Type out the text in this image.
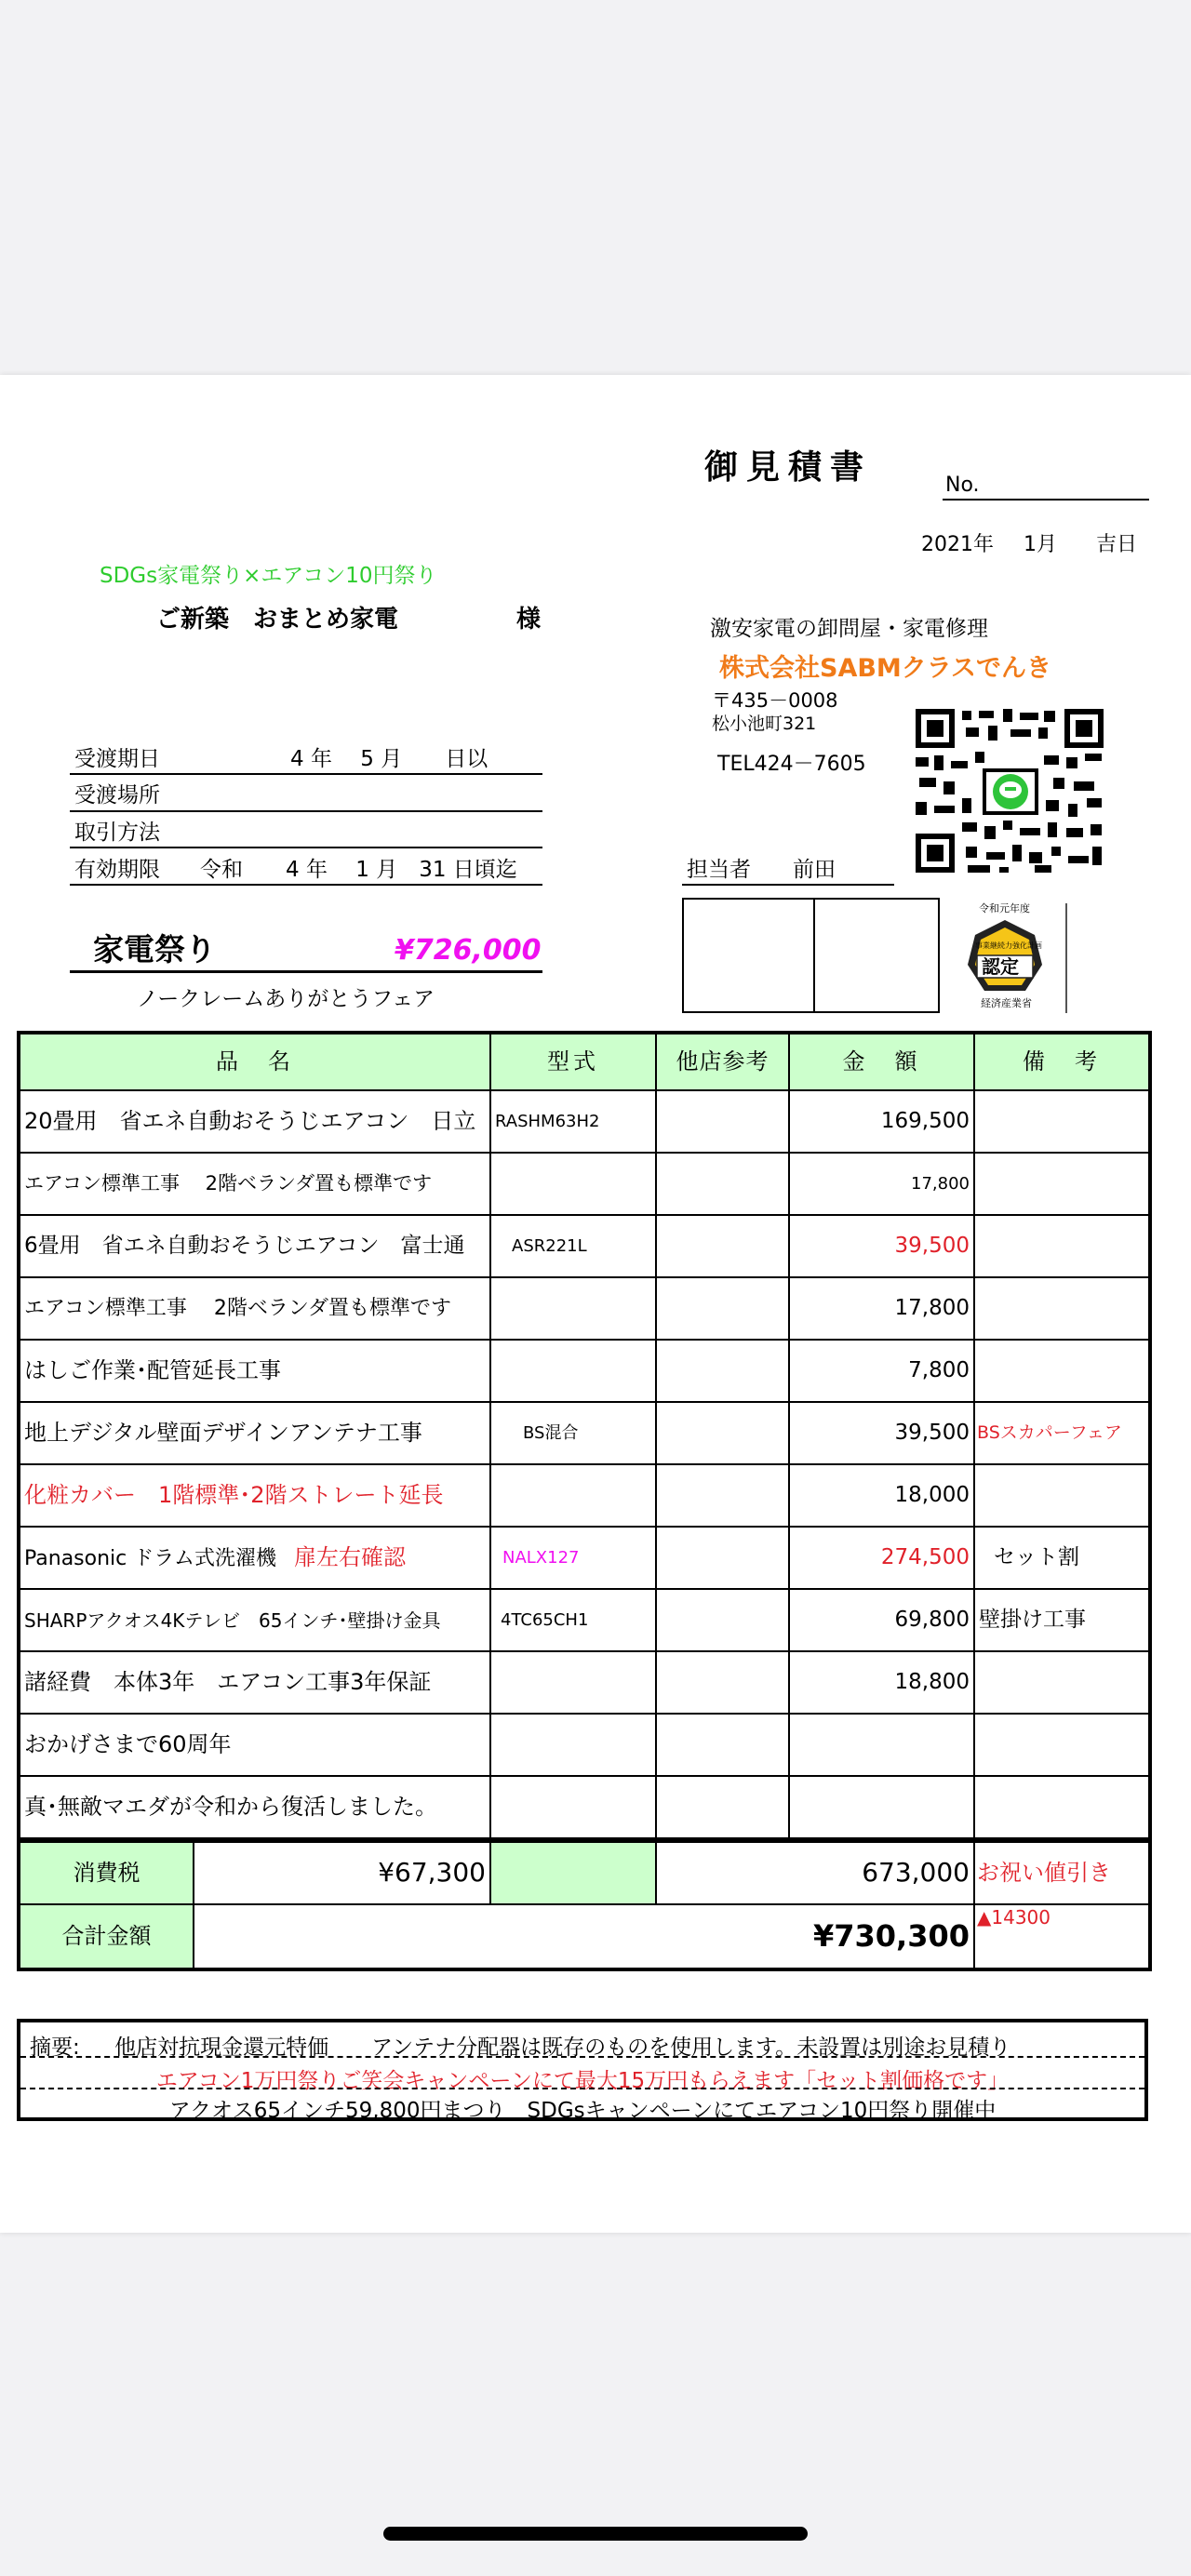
御見積書	No.
2021年 1月 吉日
SDGs家電祭り×エアコン10円祭り
ご新築　おまとめ家電	様	激安家電の卸問屋・家電修理
株式会社SABMクラスでんき
〒435－0008
松小池町321
TEL424－7605
受渡期日	4 年　 5 月　　日以
受渡場所
取引方法
有効期限 令和　　4 年　 1 月　31 日頃迄	担当者 前田
令和元年度
事業継続力強化計画
認定
経済産業省
家電祭り	¥726,000
ノークレームありがとうフェア
品　名	型式	他店参考	金　額	備　考
20畳用　省エネ自動おそうじエアコン　日立	RASHM63H2		169,500	
エアコン標準工事　 2階ベランダ置も標準です			17,800	
6畳用　省エネ自動おそうじエアコン　富士通	ASR221L		39,500	
エアコン標準工事　 2階ベランダ置も標準です			17,800	
はしご作業･配管延長工事			7,800	
地上デジタル壁面デザインアンテナ工事	BS混合		39,500	BSスカパーフェア
化粧カバー　1階標準･2階ストレート延長			18,000	
Panasonic ドラム式洗濯機 扉左右確認	NALX127		274,500	セット割
SHARPアクオス4Kテレビ　65インチ･壁掛け金具	4TC65CH1		69,800	壁掛け工事
諸経費　本体3年　エアコン工事3年保証			18,800	
おかげさまで60周年				
真･無敵マエダが令和から復活しました。				
消費税	¥67,300		673,000	お祝い値引き
合計金額	¥730,300			▲14300
摘要: 他店対抗現金還元特価　　アンテナ分配器は既存のものを使用します。未設置は別途お見積り
エアコン1万円祭りご笑会キャンペーンにて最大15万円もらえます「セット割価格です」
アクオス65インチ59,800円まつり　SDGsキャンペーンにてエアコン10円祭り開催中
